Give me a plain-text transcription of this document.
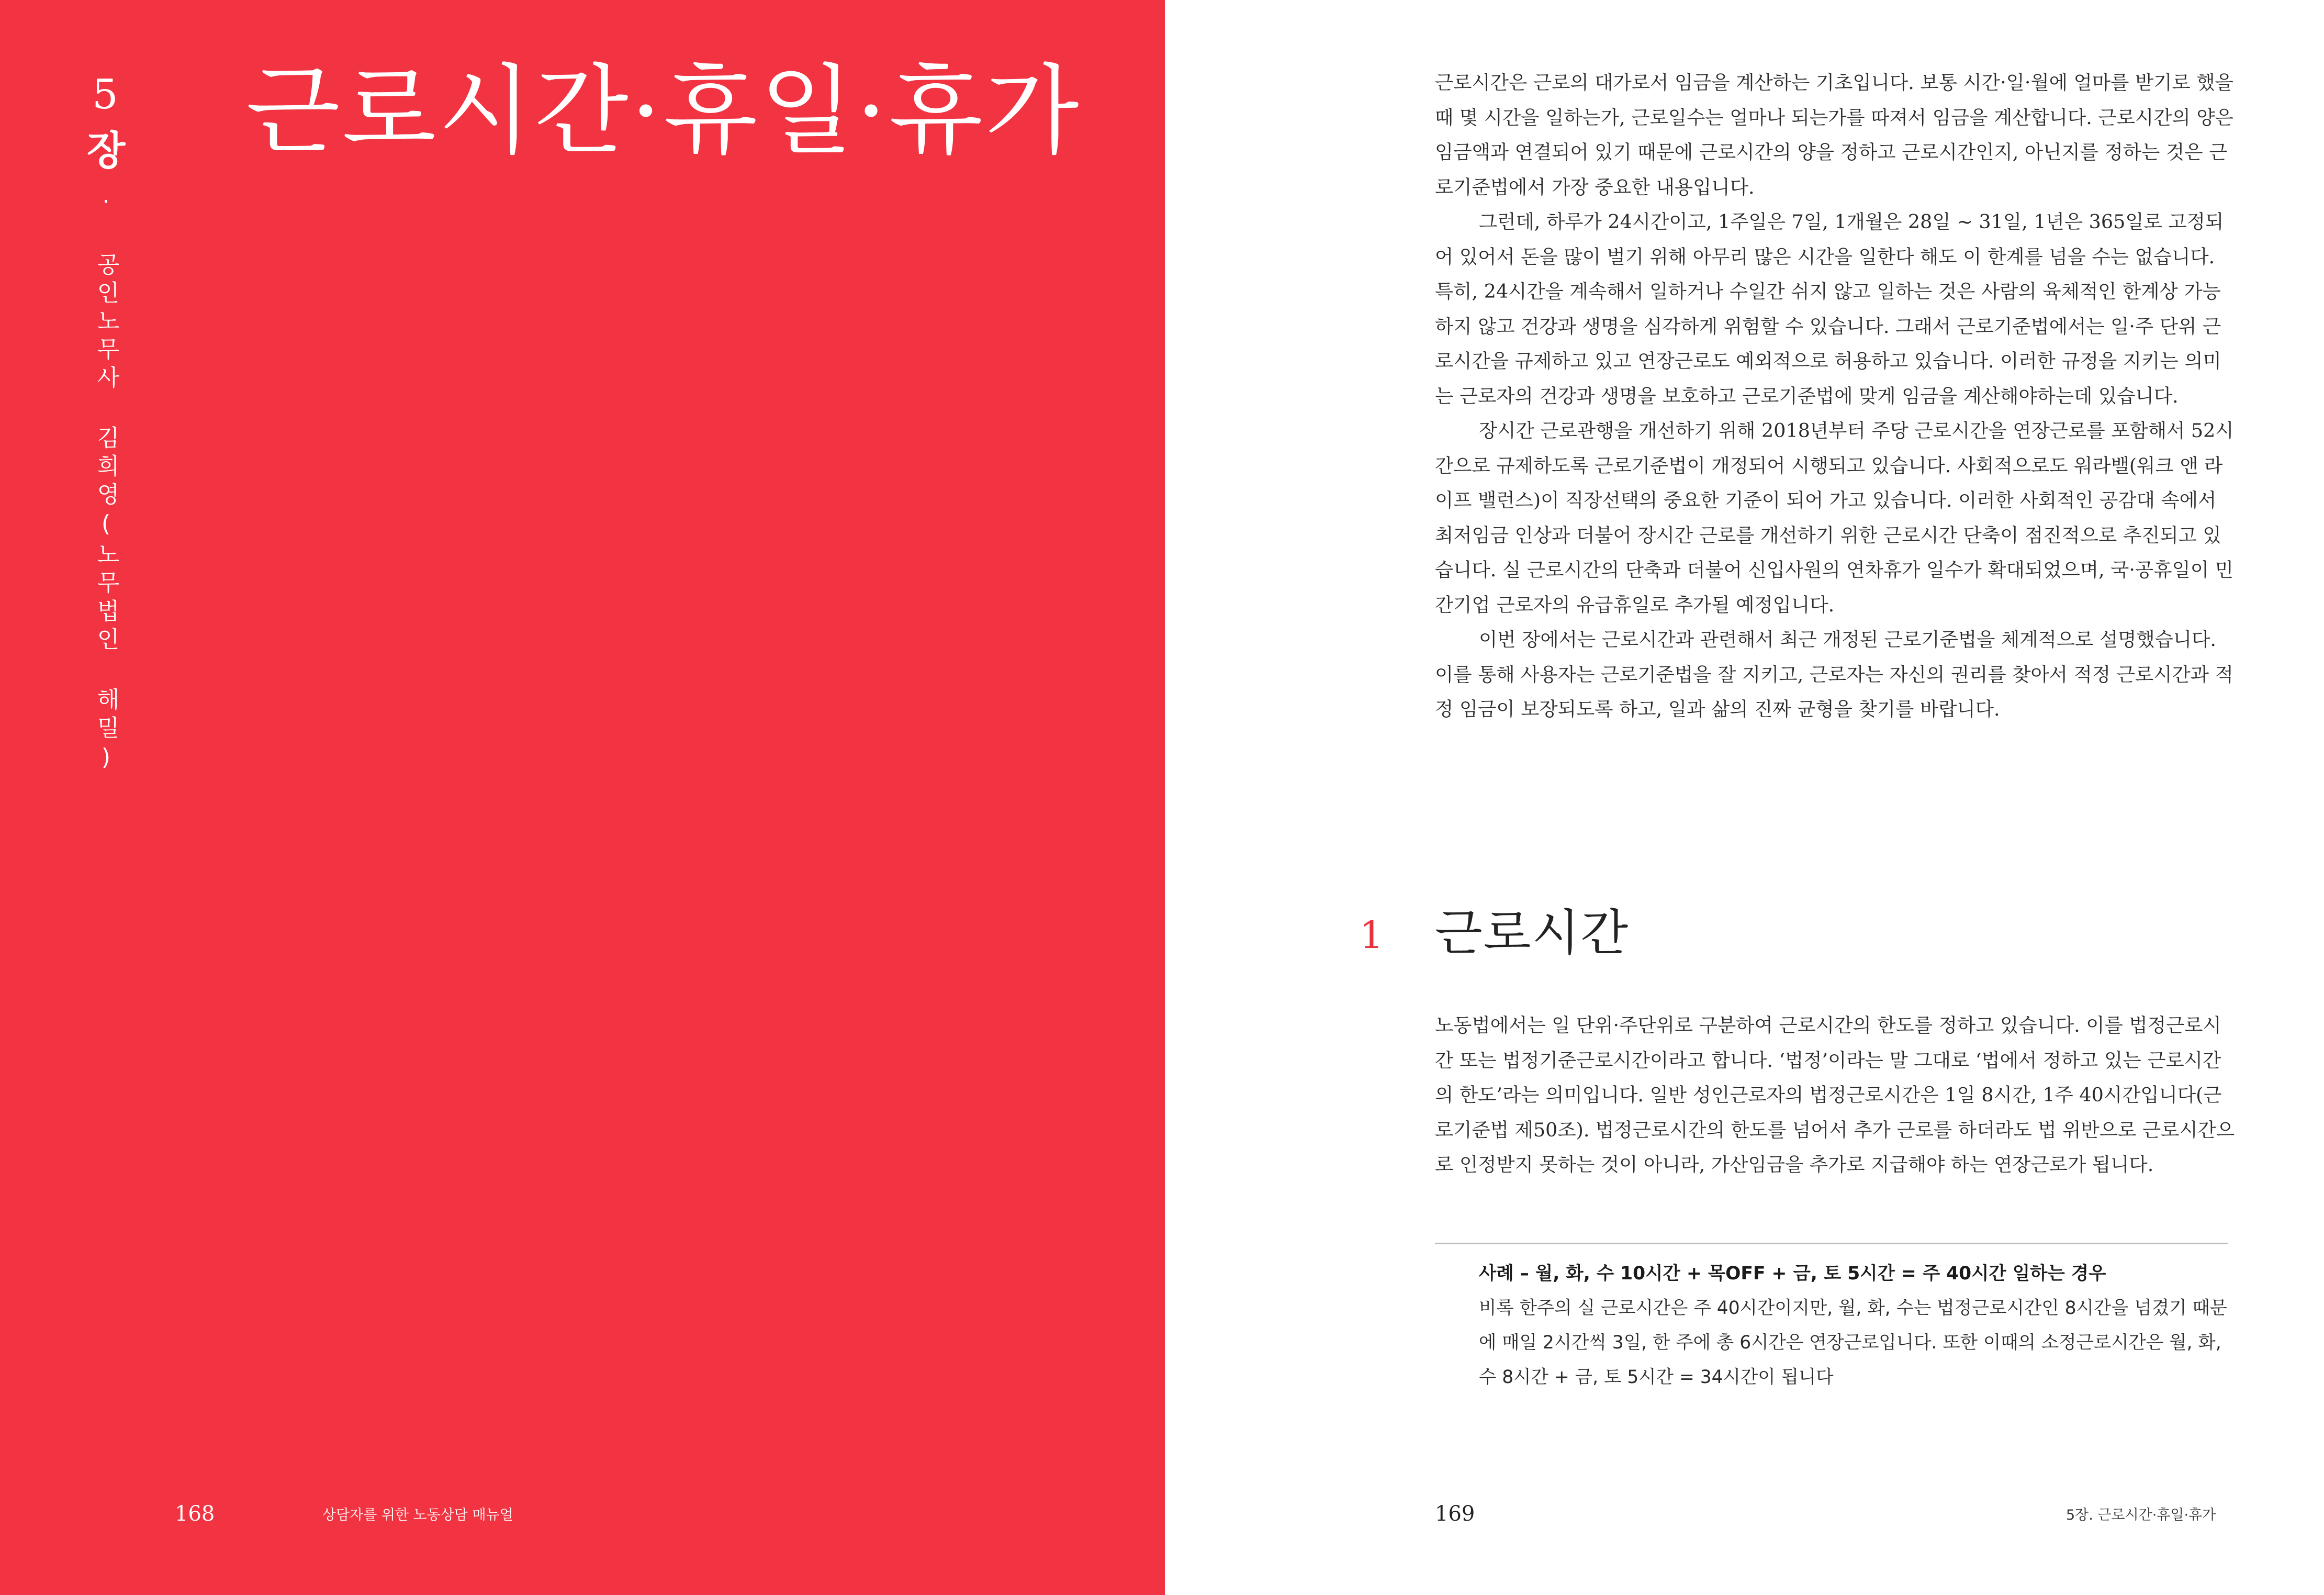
5
장
· 공인노무사 김희영(노무법인 해밀)
근로시간·휴일·휴가
168	상담자를 위한 노동상담 매뉴얼

근로시간은 근로의 대가로서 임금을 계산하는 기초입니다. 보통 시간·일·월에 얼마를 받기로 했을 때 몇 시간을 일하는가, 근로일수는 얼마나 되는가를 따져서 임금을 계산합니다. 근로시간의 양은 임금액과 연결되어 있기 때문에 근로시간의 양을 정하고 근로시간인지, 아닌지를 정하는 것은 근로기준법에서 가장 중요한 내용입니다.

그런데, 하루가 24시간이고, 1주일은 7일, 1개월은 28일 ~ 31일, 1년은 365일로 고정되어 있어서 돈을 많이 벌기 위해 아무리 많은 시간을 일한다 해도 이 한계를 넘을 수는 없습니다. 특히, 24시간을 계속해서 일하거나 수일간 쉬지 않고 일하는 것은 사람의 육체적인 한계상 가능하지 않고 건강과 생명을 심각하게 위험할 수 있습니다. 그래서 근로기준법에서는 일·주 단위 근로시간을 규제하고 있고 연장근로도 예외적으로 허용하고 있습니다. 이러한 규정을 지키는 의미는 근로자의 건강과 생명을 보호하고 근로기준법에 맞게 임금을 계산해야하는데 있습니다.

장시간 근로관행을 개선하기 위해 2018년부터 주당 근로시간을 연장근로를 포함해서 52시간으로 규제하도록 근로기준법이 개정되어 시행되고 있습니다. 사회적으로도 워라밸(워크 앤 라이프 밸런스)이 직장선택의 중요한 기준이 되어 가고 있습니다. 이러한 사회적인 공감대 속에서 최저임금 인상과 더불어 장시간 근로를 개선하기 위한 근로시간 단축이 점진적으로 추진되고 있습니다. 실 근로시간의 단축과 더불어 신입사원의 연차휴가 일수가 확대되었으며, 국·공휴일이 민간기업 근로자의 유급휴일로 추가될 예정입니다.

이번 장에서는 근로시간과 관련해서 최근 개정된 근로기준법을 체계적으로 설명했습니다. 이를 통해 사용자는 근로기준법을 잘 지키고, 근로자는 자신의 권리를 찾아서 적정 근로시간과 적정 임금이 보장되도록 하고, 일과 삶의 진짜 균형을 찾기를 바랍니다.

1 근로시간

노동법에서는 일 단위·주단위로 구분하여 근로시간의 한도를 정하고 있습니다. 이를 법정근로시간 또는 법정기준근로시간이라고 합니다. ‘법정’이라는 말 그대로 ‘법에서 정하고 있는 근로시간의 한도’라는 의미입니다. 일반 성인근로자의 법정근로시간은 1일 8시간, 1주 40시간입니다(근로기준법 제50조). 법정근로시간의 한도를 넘어서 추가 근로를 하더라도 법 위반으로 근로시간으로 인정받지 못하는 것이 아니라, 가산임금을 추가로 지급해야 하는 연장근로가 됩니다.

사례 – 월, 화, 수 10시간 + 목OFF + 금, 토 5시간 = 주 40시간 일하는 경우

비록 한주의 실 근로시간은 주 40시간이지만, 월, 화, 수는 법정근로시간인 8시간을 넘겼기 때문에 매일 2시간씩 3일, 한 주에 총 6시간은 연장근로입니다. 또한 이때의 소정근로시간은 월, 화, 수 8시간 + 금, 토 5시간 = 34시간이 됩니다

169	5장. 근로시간·휴일·휴가
